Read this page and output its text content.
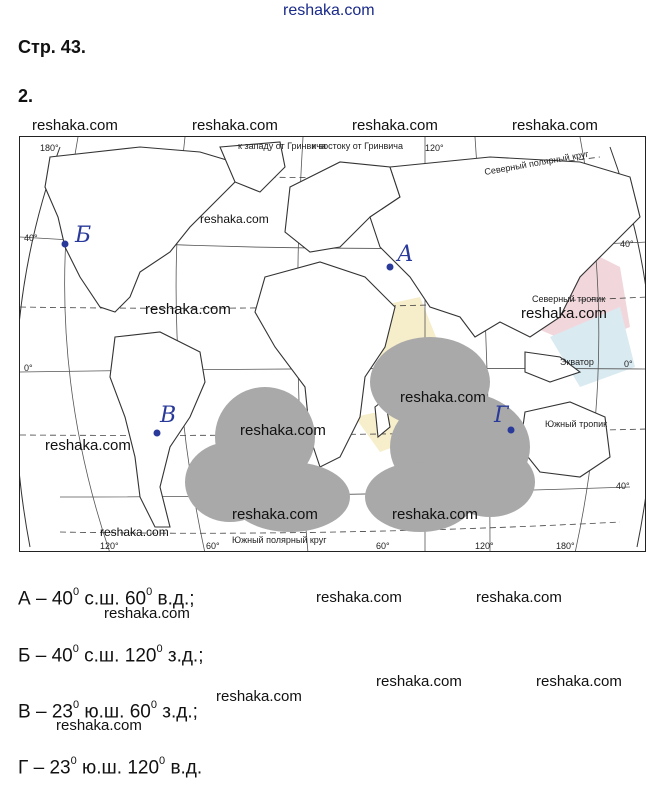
reshaka.com
Стр. 43.
2.
reshaka.com	reshaka.com	reshaka.com	reshaka.com
180°	к западу от Гринвича
к востоку от Гринвича 120°
40°
0°
40°
0°
40°
Северный полярный круг
Северный тропик
Экватор
Южный тропик
Южный полярный круг
120°	60°	60°	120°	180°
Б
А
В	Г
reshaka.com
reshaka.com	reshaka.com
reshaka.com
reshaka.com
reshaka.com
reshaka.com	reshaka.com
reshaka.com
А – $40^0$ с.ш. $60^0$ в.д.;
Б – $40^0$ с.ш. $120^0$ з.д.;
В – $23^0$ ю.ш. $60^0$ з.д.;
Г – $23^0$ ю.ш. $120^0$ в.д.
reshaka.com
reshaka.com	reshaka.com
reshaka.com	reshaka.com
reshaka.com
reshaka.com
